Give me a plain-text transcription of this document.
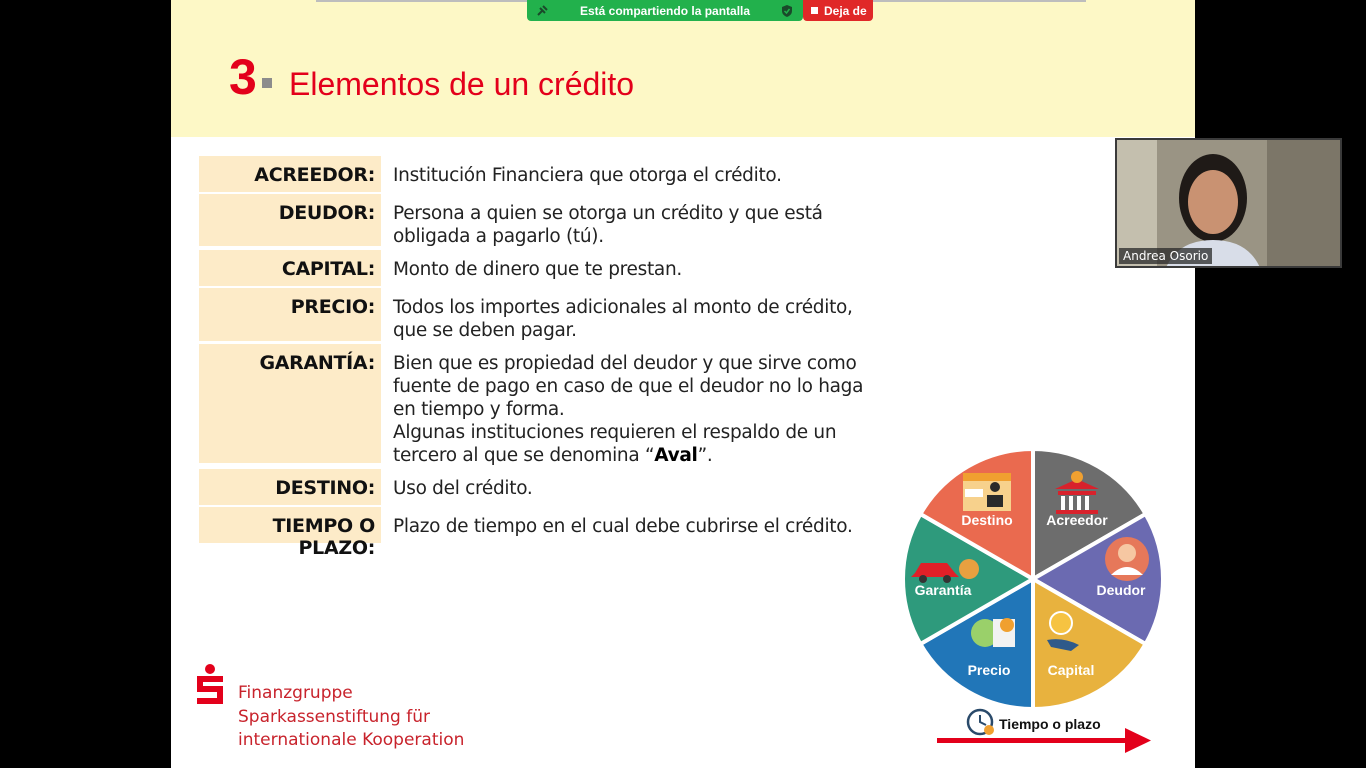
3 Elementos de un crédito
ACREEDOR: Institución Financiera que otorga el crédito.
DEUDOR: Persona a quien se otorga un crédito y que está obligada a pagarlo (tú).
CAPITAL: Monto de dinero que te prestan.
PRECIO: Todos los importes adicionales al monto de crédito, que se deben pagar.
GARANTÍA: Bien que es propiedad del deudor y que sirve como fuente de pago en caso de que el deudor no lo haga en tiempo y forma.
Algunas instituciones requieren el respaldo de un tercero al que se denomina “Aval”.
DESTINO: Uso del crédito.
TIEMPO O PLAZO:
Plazo de tiempo en el cual debe cubrirse el crédito.	Acreedor
Deudor
Capital
Precio
Garantía
Destino
Tiempo o plazo
Finanzgruppe
Sparkassenstiftung für
internationale Kooperation
Está compartiendo la pantalla	Deja de
Andrea Osorio
